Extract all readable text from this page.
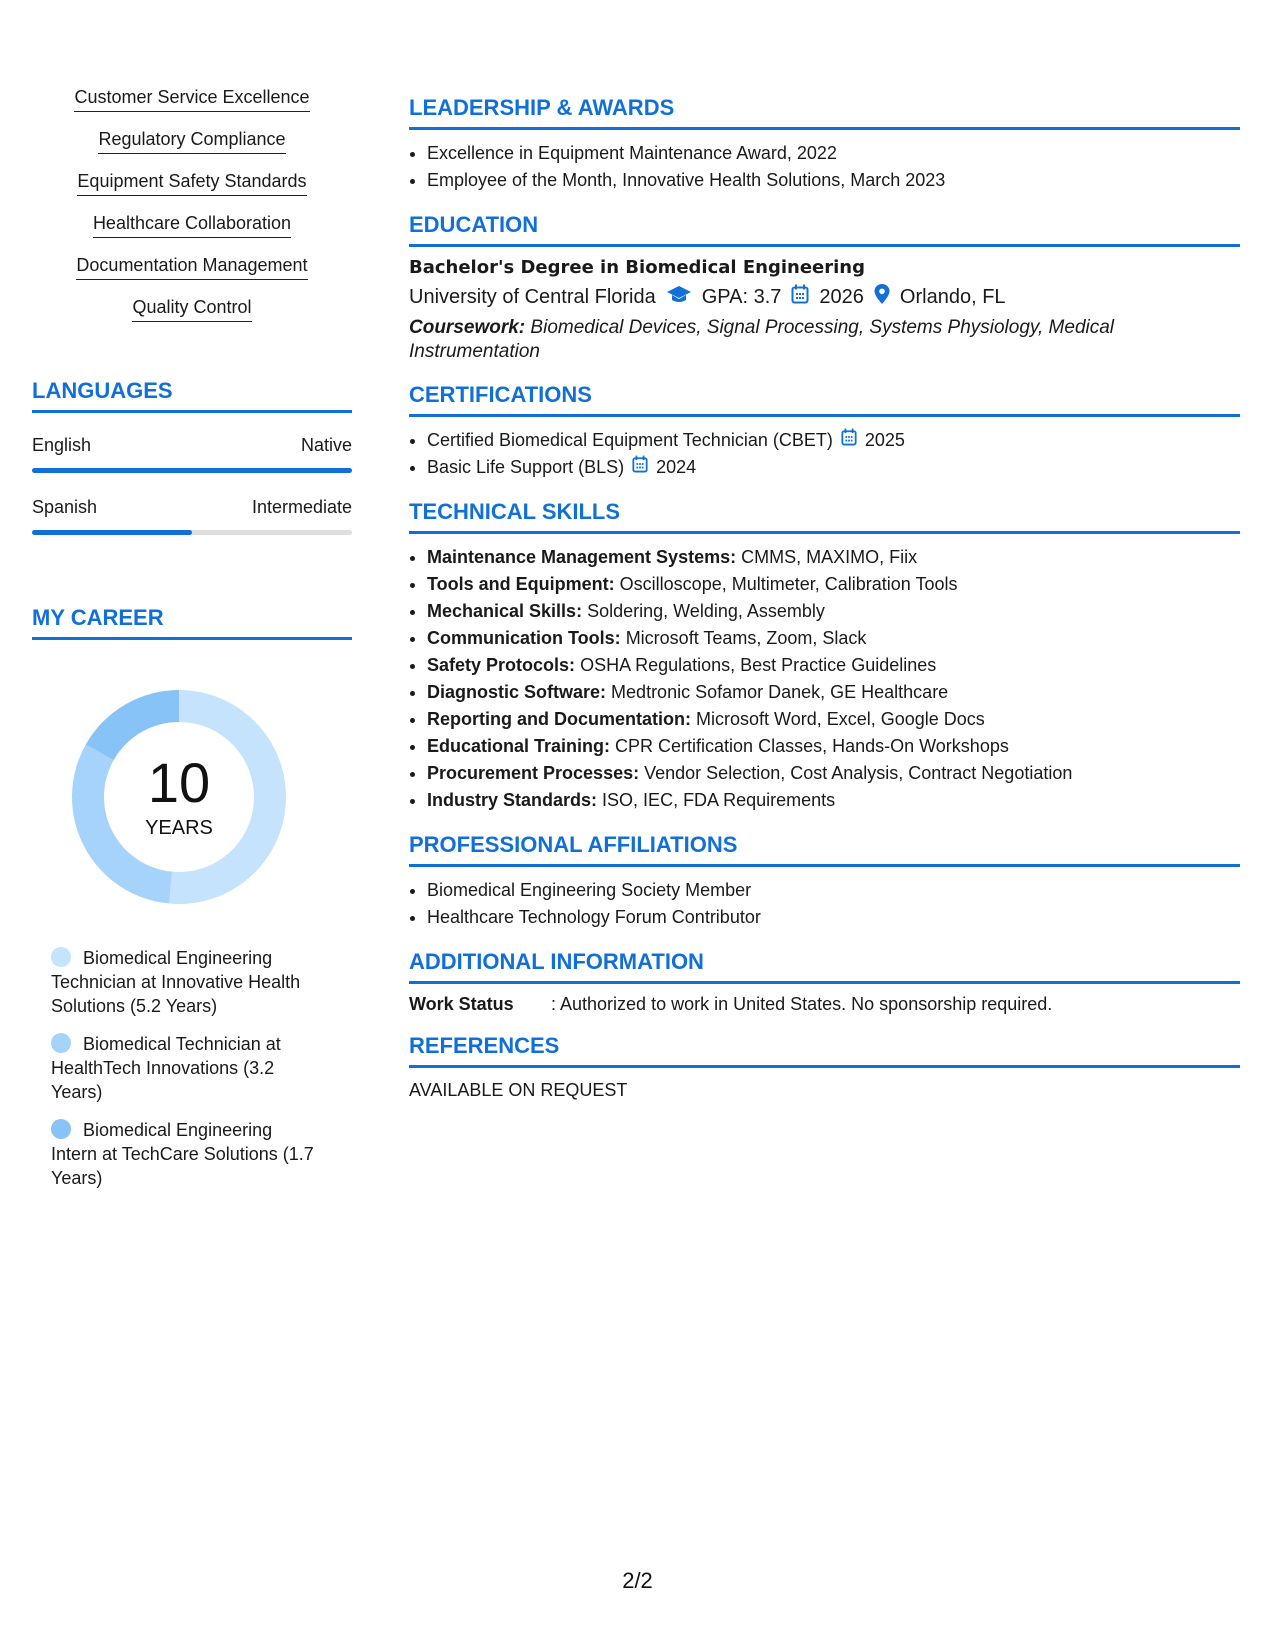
Customer Service Excellence
Regulatory Compliance
Equipment Safety Standards
Healthcare Collaboration
Documentation Management
Quality Control
LANGUAGES
English	Native
Spanish	Intermediate
MY CAREER
10
YEARS
Biomedical Engineering Technician at Innovative Health Solutions (5.2 Years)
Biomedical Technician at HealthTech Innovations (3.2 Years)
Biomedical Engineering Intern at TechCare Solutions (1.7 Years)
LEADERSHIP & AWARDS
• Excellence in Equipment Maintenance Award, 2022
• Employee of the Month, Innovative Health Solutions, March 2023
EDUCATION
Bachelor's Degree in Biomedical Engineering
University of Central Florida GPA: 3.7 2026 Orlando, FL
Coursework: Biomedical Devices, Signal Processing, Systems Physiology, Medical Instrumentation
CERTIFICATIONS
• Certified Biomedical Equipment Technician (CBET) 2025
• Basic Life Support (BLS) 2024
TECHNICAL SKILLS
• Maintenance Management Systems: CMMS, MAXIMO, Fiix
• Tools and Equipment: Oscilloscope, Multimeter, Calibration Tools
• Mechanical Skills: Soldering, Welding, Assembly
• Communication Tools: Microsoft Teams, Zoom, Slack
• Safety Protocols: OSHA Regulations, Best Practice Guidelines
• Diagnostic Software: Medtronic Sofamor Danek, GE Healthcare
• Reporting and Documentation: Microsoft Word, Excel, Google Docs
• Educational Training: CPR Certification Classes, Hands-On Workshops
• Procurement Processes: Vendor Selection, Cost Analysis, Contract Negotiation
• Industry Standards: ISO, IEC, FDA Requirements
PROFESSIONAL AFFILIATIONS
• Biomedical Engineering Society Member
• Healthcare Technology Forum Contributor
ADDITIONAL INFORMATION
Work Status	: Authorized to work in United States. No sponsorship required.
REFERENCES
AVAILABLE ON REQUEST
2/2
